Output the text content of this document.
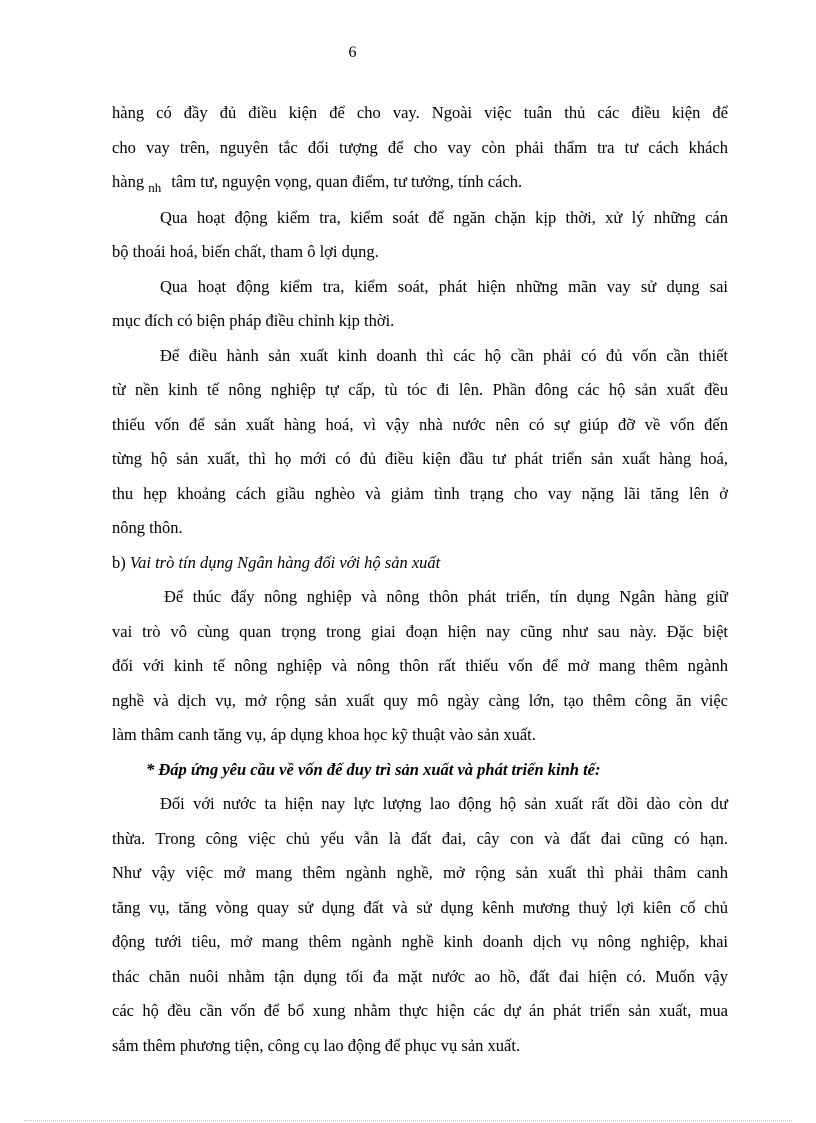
6

hàng có đầy đủ điều kiện để cho vay. Ngoài việc tuân thủ các điều kiện để
cho vay trên, nguyên tắc đối tượng để cho vay còn phải thẩm tra tư cách khách
hàng $_{nh}$ tâm tư, nguyện vọng, quan điểm, tư tưởng, tính cách.

Qua hoạt động kiểm tra, kiểm soát để ngăn chặn kịp thời, xử lý những cán
bộ thoái hoá, biến chất, tham ô lợi dụng.

Qua hoạt động kiểm tra, kiểm soát, phát hiện những mãn vay sử dụng sai
mục đích có biện pháp điều chỉnh kịp thời.

Để điều hành sản xuất kinh doanh thì các hộ cần phải có đủ vốn cần thiết
từ nền kinh tế nông nghiệp tự cấp, tù tóc đi lên. Phần đông các hộ sản xuất đều
thiếu vốn để sản xuất hàng hoá, vì vậy nhà nước nên có sự giúp đỡ về vốn đến
từng hộ sản xuất, thì họ mới có đủ điều kiện đầu tư phát triển sản xuất hàng hoá,
thu hẹp khoảng cách giầu nghèo và giảm tình trạng cho vay nặng lãi tăng lên ở
nông thôn.

b) Vai trò tín dụng Ngân hàng đối với hộ sản xuất

Để thúc đẩy nông nghiệp và nông thôn phát triển, tín dụng Ngân hàng giữ
vai trò vô cùng quan trọng trong giai đoạn hiện nay cũng như sau này. Đặc biệt
đối với kinh tế nông nghiệp và nông thôn rất thiếu vốn để mở mang thêm ngành
nghề và dịch vụ, mở rộng sản xuất quy mô ngày càng lớn, tạo thêm công ăn việc
làm thâm canh tăng vụ, áp dụng khoa học kỹ thuật vào sản xuất.

* Đáp ứng yêu cầu về vốn để duy trì sản xuất và phát triển kinh tế:

Đối với nước ta hiện nay lực lượng lao động hộ sản xuất rất dồi dào còn dư
thừa. Trong công việc chủ yếu vẫn là đất đai, cây con và đất đai cũng có hạn.
Như vậy việc mở mang thêm ngành nghề, mở rộng sản xuất thì phải thâm canh
tăng vụ, tăng vòng quay sử dụng đất và sử dụng kênh mương thuỷ lợi kiên cố chủ
động tưới tiêu, mở mang thêm ngành nghề kinh doanh dịch vụ nông nghiệp, khai
thác chăn nuôi nhằm tận dụng tối đa mặt nước ao hồ, đất đai hiện có. Muốn vậy
các hộ đều cần vốn để bổ xung nhằm thực hiện các dự án phát triển sản xuất, mua
sắm thêm phương tiện, công cụ lao động để phục vụ sản xuất.
